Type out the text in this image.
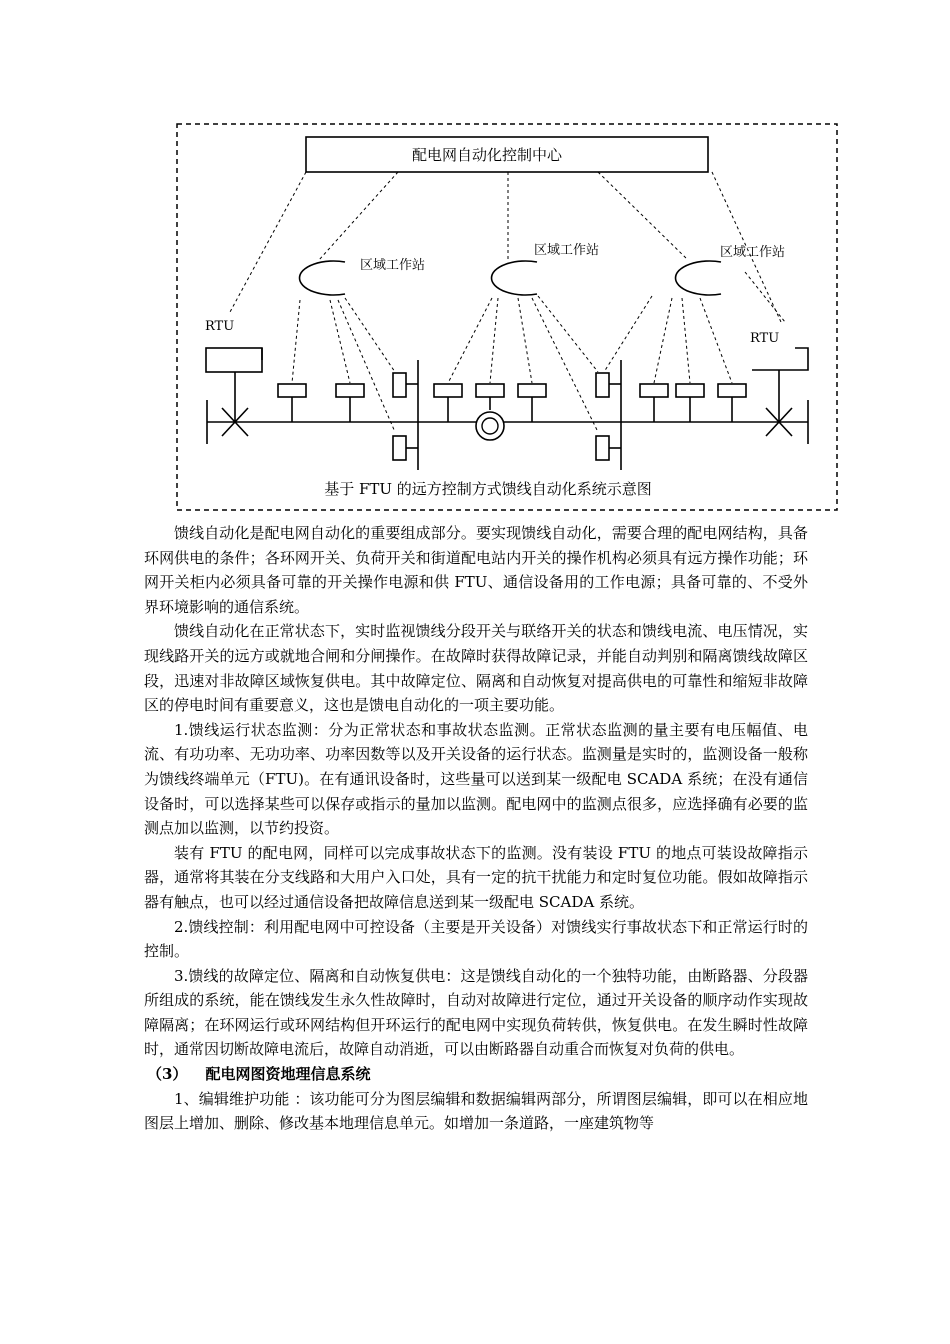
配电网自动化控制中心
区域工作站
区域工作站	区域工作站
RTU
RTU
基于 FTU 的远方控制方式馈线自动化系统示意图

馈线自动化是配电网自动化的重要组成部分。要实现馈线自动化，需要合理的配电网结构，具备环网供电的条件；各环网开关、负荷开关和街道配电站内开关的操作机构必须具有远方操作功能；环网开关柜内必须具备可靠的开关操作电源和供 FTU、通信设备用的工作电源；具备可靠的、不受外界环境影响的通信系统。

馈线自动化在正常状态下，实时监视馈线分段开关与联络开关的状态和馈线电流、电压情况，实现线路开关的远方或就地合闸和分闸操作。在故障时获得故障记录，并能自动判别和隔离馈线故障区段，迅速对非故障区域恢复供电。其中故障定位、隔离和自动恢复对提高供电的可靠性和缩短非故障区的停电时间有重要意义，这也是馈电自动化的一项主要功能。

1.馈线运行状态监测：分为正常状态和事故状态监测。正常状态监测的量主要有电压幅值、电流、有功功率、无功功率、功率因数等以及开关设备的运行状态。监测量是实时的，监测设备一般称为馈线终端单元（FTU)。在有通讯设备时，这些量可以送到某一级配电 SCADA 系统；在没有通信设备时，可以选择某些可以保存或指示的量加以监测。配电网中的监测点很多，应选择确有必要的监测点加以监测，以节约投资。

装有 FTU 的配电网，同样可以完成事故状态下的监测。没有装设 FTU 的地点可装设故障指示器，通常将其装在分支线路和大用户入口处，具有一定的抗干扰能力和定时复位功能。假如故障指示器有触点，也可以经过通信设备把故障信息送到某一级配电 SCADA 系统。

2.馈线控制：利用配电网中可控设备（主要是开关设备）对馈线实行事故状态下和正常运行时的控制。

3.馈线的故障定位、隔离和自动恢复供电：这是馈线自动化的一个独特功能，由断路器、分段器所组成的系统，能在馈线发生永久性故障时，自动对故障进行定位，通过开关设备的顺序动作实现故障隔离；在环网运行或环网结构但开环运行的配电网中实现负荷转供，恢复供电。在发生瞬时性故障时，通常因切断故障电流后，故障自动消逝，可以由断路器自动重合而恢复对负荷的供电。

（3） 配电网图资地理信息系统

1、编辑维护功能 ：该功能可分为图层编辑和数据编辑两部分，所谓图层编辑，即可以在相应地图层上增加、删除、修改基本地理信息单元。如增加一条道路，一座建筑物等
